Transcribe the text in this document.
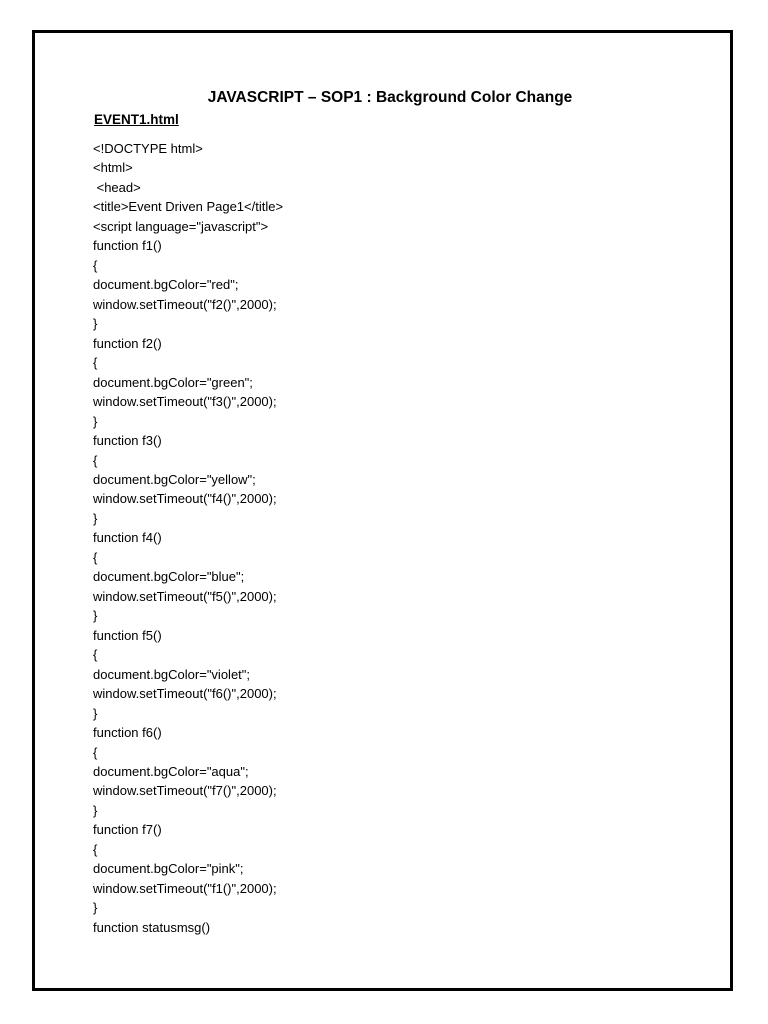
JAVASCRIPT – SOP1 : Background Color Change
EVENT1.html
<!DOCTYPE html>
<html>
<head>
<title>Event Driven Page1</title>
<script language="javascript">
function f1()
{
document.bgColor="red";
window.setTimeout("f2()",2000);
}
function f2()
{
document.bgColor="green";
window.setTimeout("f3()",2000);
}
function f3()
{
document.bgColor="yellow";
window.setTimeout("f4()",2000);
}
function f4()
{
document.bgColor="blue";
window.setTimeout("f5()",2000);
}
function f5()
{
document.bgColor="violet";
window.setTimeout("f6()",2000);
}
function f6()
{
document.bgColor="aqua";
window.setTimeout("f7()",2000);
}
function f7()
{
document.bgColor="pink";
window.setTimeout("f1()",2000);
}
function statusmsg()
